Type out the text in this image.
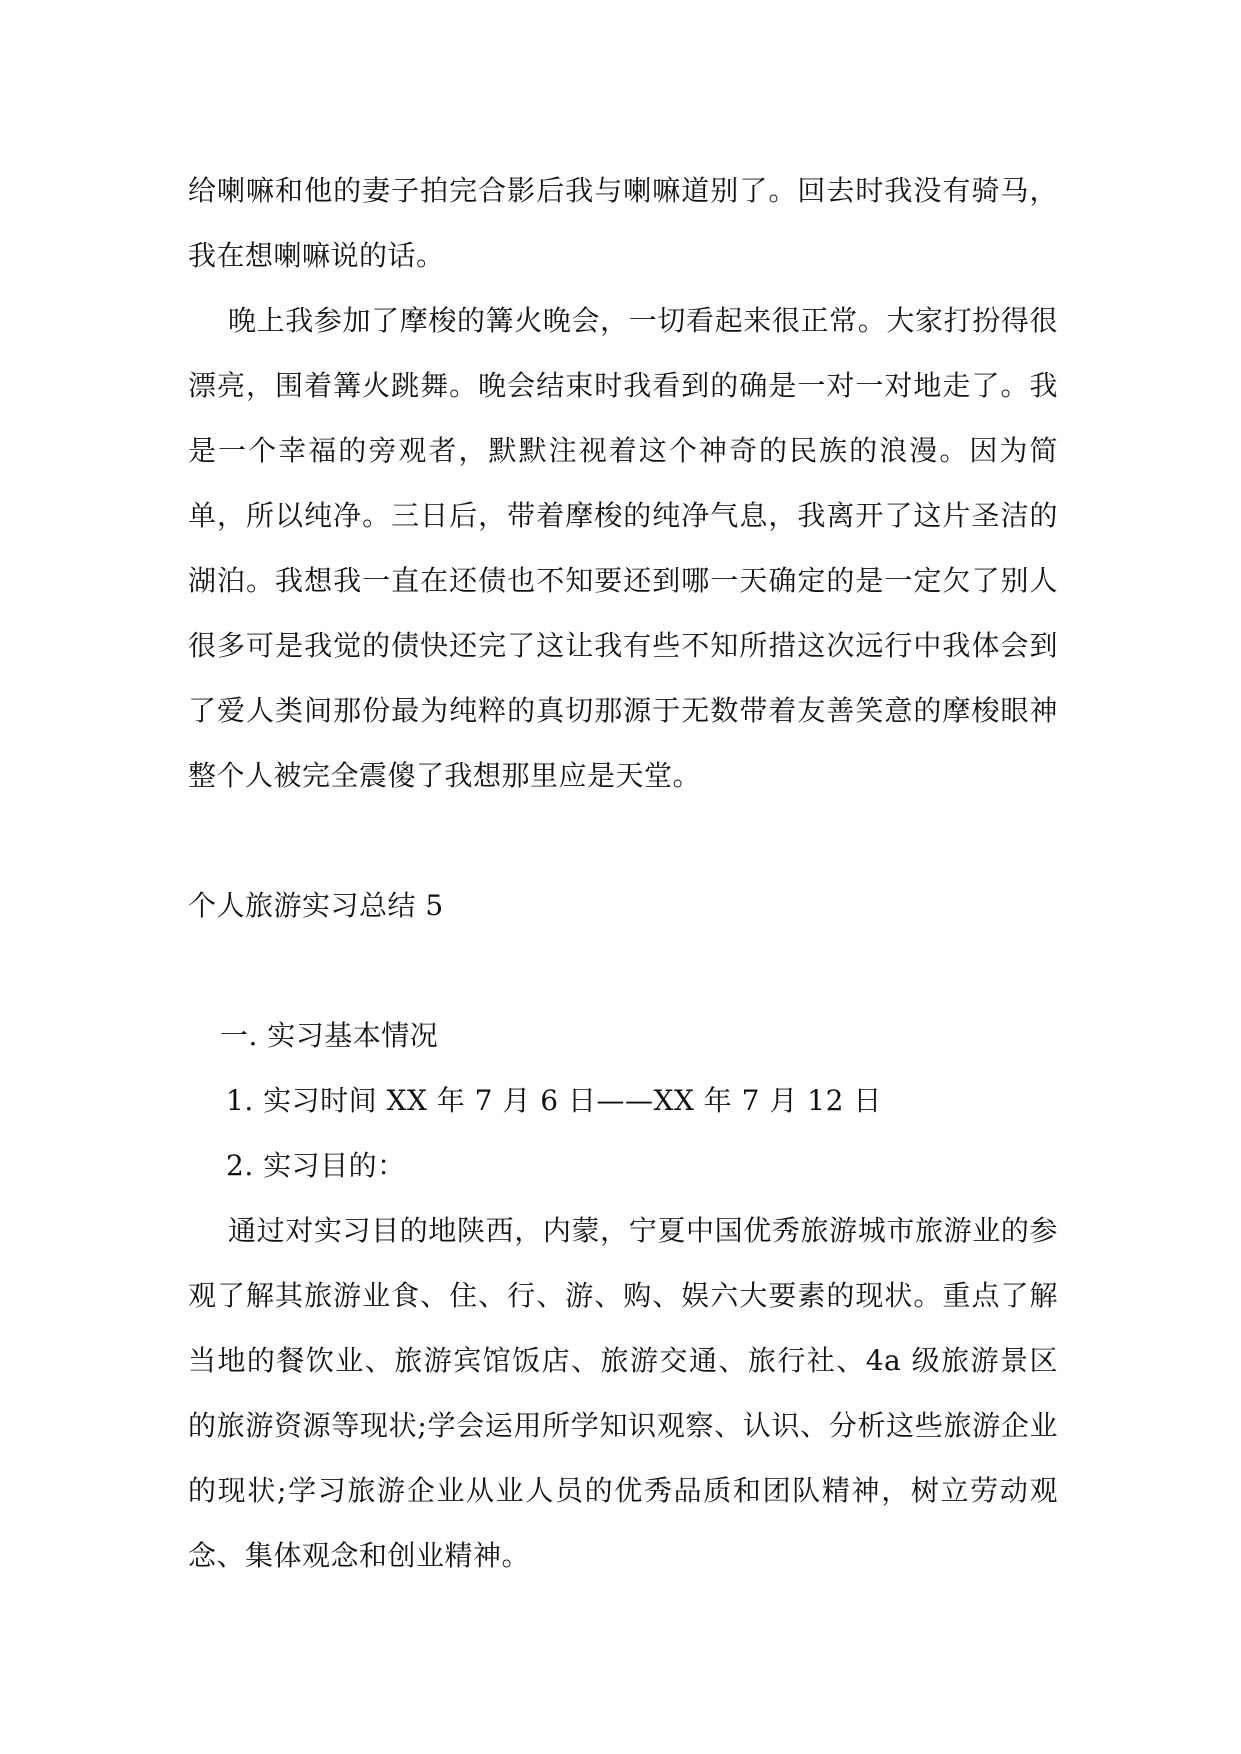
给喇嘛和他的妻子拍完合影后我与喇嘛道别了。回去时我没有骑马，我在想喇嘛说的话。

晚上我参加了摩梭的篝火晚会，一切看起来很正常。大家打扮得很漂亮，围着篝火跳舞。晚会结束时我看到的确是一对一对地走了。我是一个幸福的旁观者，默默注视着这个神奇的民族的浪漫。因为简单，所以纯净。三日后，带着摩梭的纯净气息，我离开了这片圣洁的湖泊。我想我一直在还债也不知要还到哪一天确定的是一定欠了别人很多可是我觉的债快还完了这让我有些不知所措这次远行中我体会到了爱人类间那份最为纯粹的真切那源于无数带着友善笑意的摩梭眼神整个人被完全震傻了我想那里应是天堂。

个人旅游实习总结 5

一. 实习基本情况

1. 实习时间 XX 年 7 月 6 日——XX 年 7 月 12 日

2. 实习目的：

通过对实习目的地陕西，内蒙，宁夏中国优秀旅游城市旅游业的参观了解其旅游业食、住、行、游、购、娱六大要素的现状。重点了解当地的餐饮业、旅游宾馆饭店、旅游交通、旅行社、4a 级旅游景区的旅游资源等现状;学会运用所学知识观察、认识、分析这些旅游企业的现状;学习旅游企业从业人员的优秀品质和团队精神，树立劳动观念、集体观念和创业精神。
